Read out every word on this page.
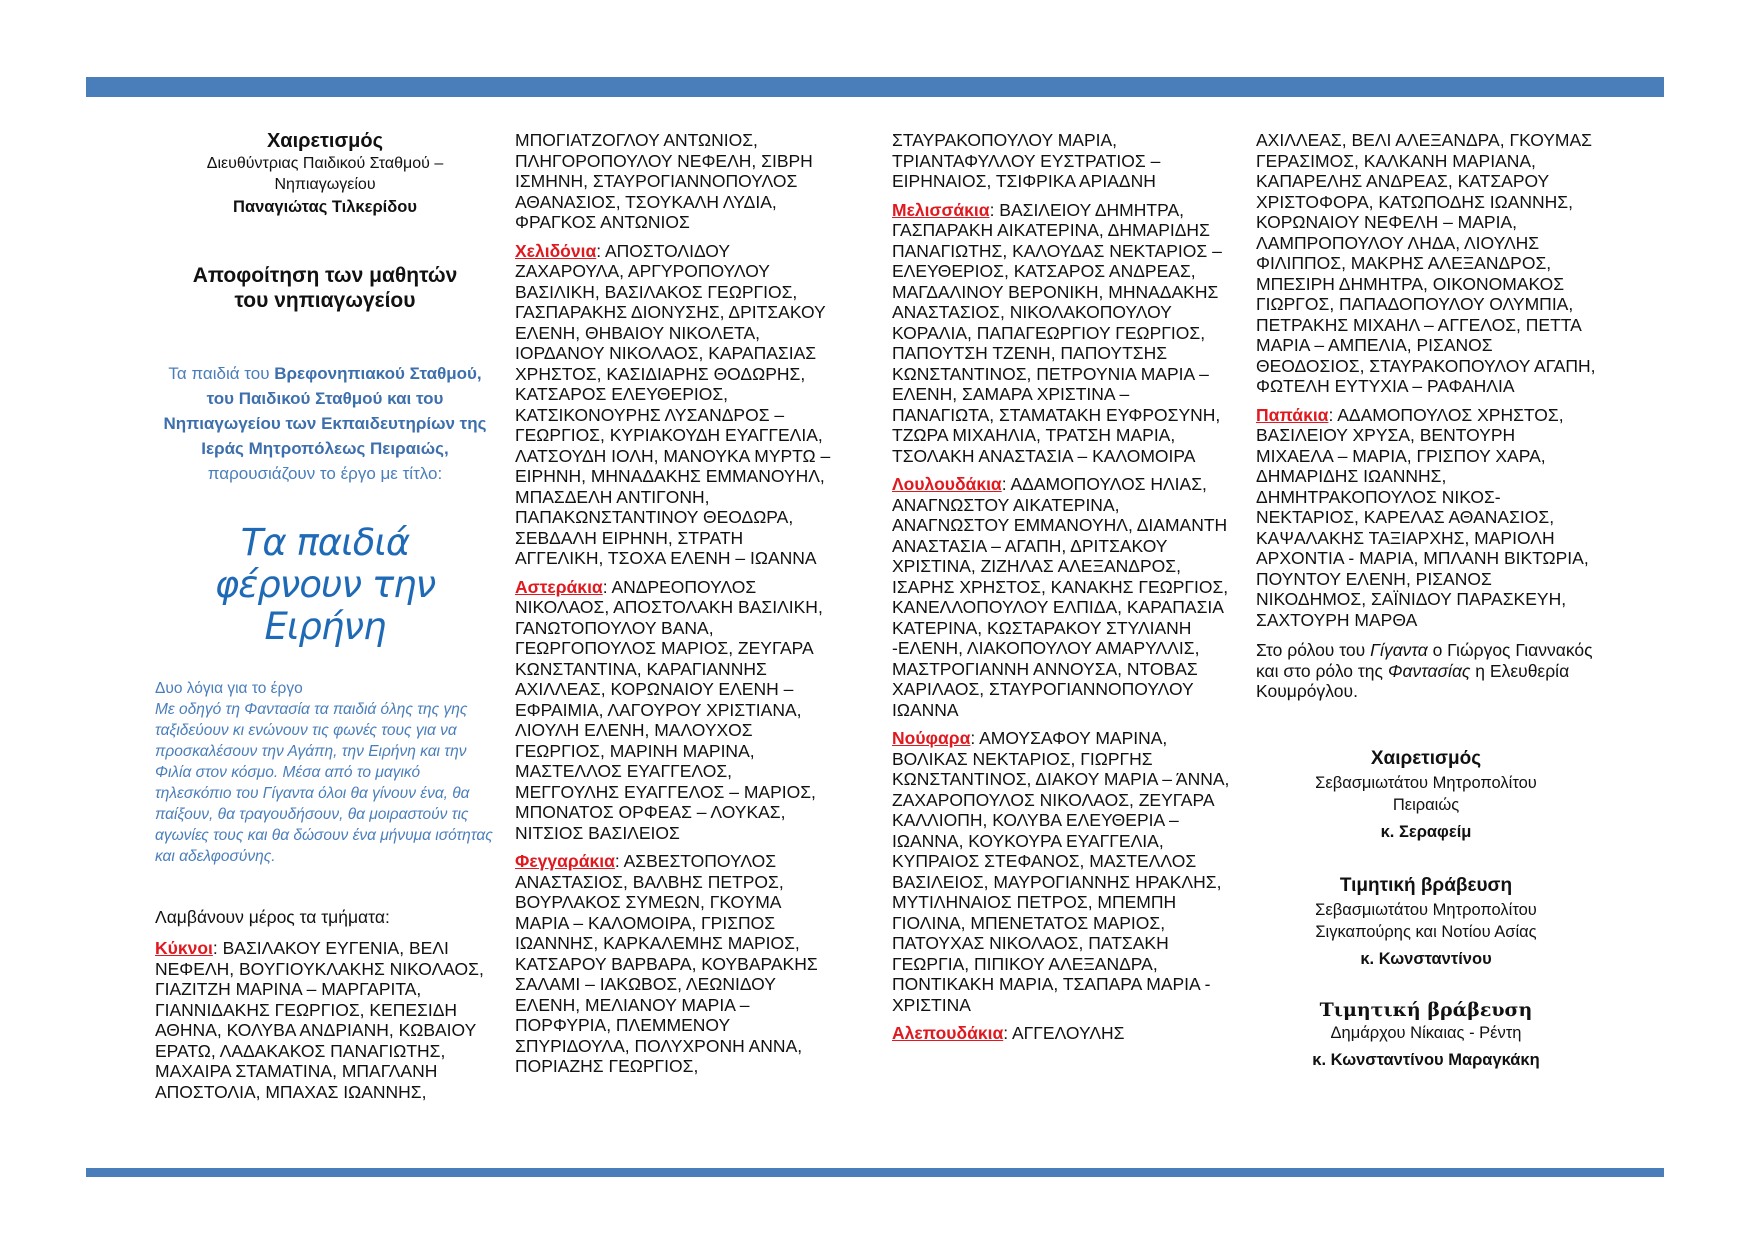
Χαιρετισμός
Διευθύντριας Παιδικού Σταθμού –
Νηπιαγωγείου
Παναγιώτας Τιλκερίδου
Αποφοίτηση των μαθητών
του νηπιαγωγείου
Τα παιδιά του Βρεφονηπιακού Σταθμού, του Παιδικού Σταθμού και του Νηπιαγωγείου των Εκπαιδευτηρίων της Ιεράς Μητροπόλεως Πειραιώς,
παρουσιάζουν το έργο με τίτλο:
Τα παιδιά
φέρνουν την Ειρήνη
Δυο λόγια για το έργο
Με οδηγό τη Φαντασία τα παιδιά όλης της γης ταξιδεύουν κι ενώνουν τις φωνές τους για να προσκαλέσουν την Αγάπη, την Ειρήνη και την Φιλία στον κόσμο. Μέσα από το μαγικό τηλεσκόπιο του Γίγαντα όλοι θα γίνουν ένα, θα παίξουν, θα τραγουδήσουν, θα μοιραστούν τις αγωνίες τους και θα δώσουν ένα μήνυμα ισότητας και αδελφοσύνης.
Λαμβάνουν μέρος τα τμήματα:
Κύκνοι: ΒΑΣΙΛΑΚΟΥ ΕΥΓΕΝΙΑ, ΒΕΛΙ ΝΕΦΕΛΗ, ΒΟΥΓΙΟΥΚΛΑΚΗΣ ΝΙΚΟΛΑΟΣ, ΓΙΑΖΙΤΖΗ ΜΑΡΙΝΑ – ΜΑΡΓΑΡΙΤΑ, ΓΙΑΝΝΙΔΑΚΗΣ ΓΕΩΡΓΙΟΣ, ΚΕΠΕΣΙΔΗ ΑΘΗΝΑ, ΚΟΛΥΒΑ ΑΝΔΡΙΑΝΗ, ΚΩΒΑΙΟΥ ΕΡΑΤΩ, ΛΑΔΑΚΑΚΟΣ ΠΑΝΑΓΙΩΤΗΣ, ΜΑΧΑΙΡΑ ΣΤΑΜΑΤΙΝΑ, ΜΠΑΓΛΑΝΗ ΑΠΟΣΤΟΛΙΑ, ΜΠΑΧΑΣ ΙΩΑΝΝΗΣ,
ΜΠΟΓΙΑΤΖΟΓΛΟΥ ΑΝΤΩΝΙΟΣ, ΠΛΗΓΟΡΟΠΟΥΛΟΥ ΝΕΦΕΛΗ, ΣΙΒΡΗ ΙΣΜΗΝΗ, ΣΤΑΥΡΟΓΙΑΝΝΟΠΟΥΛΟΣ ΑΘΑΝΑΣΙΟΣ, ΤΣΟΥΚΑΛΗ ΛΥΔΙΑ, ΦΡΑΓΚΟΣ ΑΝΤΩΝΙΟΣ
Χελιδόνια: ΑΠΟΣΤΟΛΙΔΟΥ ΖΑΧΑΡΟΥΛΑ, ΑΡΓΥΡΟΠΟΥΛΟΥ ΒΑΣΙΛΙΚΗ, ΒΑΣΙΛΑΚΟΣ ΓΕΩΡΓΙΟΣ, ΓΑΣΠΑΡΑΚΗΣ ΔΙΟΝΥΣΗΣ, ΔΡΙΤΣΑΚΟΥ ΕΛΕΝΗ, ΘΗΒΑΙΟΥ ΝΙΚΟΛΕΤΑ, ΙΟΡΔΑΝΟΥ ΝΙΚΟΛΑΟΣ, ΚΑΡΑΠΑΣΙΑΣ ΧΡΗΣΤΟΣ, ΚΑΣΙΔΙΑΡΗΣ ΘΟΔΩΡΗΣ, ΚΑΤΣΑΡΟΣ ΕΛΕΥΘΕΡΙΟΣ, ΚΑΤΣΙΚΟΝΟΥΡΗΣ ΛΥΣΑΝΔΡΟΣ – ΓΕΩΡΓΙΟΣ, ΚΥΡΙΑΚΟΥΔΗ ΕΥΑΓΓΕΛΙΑ, ΛΑΤΣΟΥΔΗ ΙΟΛΗ, ΜΑΝΟΥΚΑ ΜΥΡΤΩ – ΕΙΡΗΝΗ, ΜΗΝΑΔΑΚΗΣ ΕΜΜΑΝΟΥΗΛ, ΜΠΑΣΔΕΛΗ ΑΝΤΙΓΟΝΗ, ΠΑΠΑΚΩΝΣΤΑΝΤΙΝΟΥ ΘΕΟΔΩΡΑ, ΣΕΒΔΑΛΗ ΕΙΡΗΝΗ, ΣΤΡΑΤΗ ΑΓΓΕΛΙΚΗ, ΤΣΟΧΑ ΕΛΕΝΗ – ΙΩΑΝΝΑ
Αστεράκια: ΑΝΔΡΕΟΠΟΥΛΟΣ ΝΙΚΟΛΑΟΣ, ΑΠΟΣΤΟΛΑΚΗ ΒΑΣΙΛΙΚΗ, ΓΑΝΩΤΟΠΟΥΛΟΥ ΒΑΝΑ, ΓΕΩΡΓΟΠΟΥΛΟΣ ΜΑΡΙΟΣ, ΖΕΥΓΑΡΑ ΚΩΝΣΤΑΝΤΙΝΑ, ΚΑΡΑΓΙΑΝΝΗΣ ΑΧΙΛΛΕΑΣ, ΚΟΡΩΝΑΙΟΥ ΕΛΕΝΗ – ΕΦΡΑΙΜΙΑ, ΛΑΓΟΥΡΟΥ ΧΡΙΣΤΙΑΝΑ, ΛΙΟΥΛΗ ΕΛΕΝΗ, ΜΑΛΟΥΧΟΣ ΓΕΩΡΓΙΟΣ, ΜΑΡΙΝΗ ΜΑΡΙΝΑ, ΜΑΣΤΕΛΛΟΣ ΕΥΑΓΓΕΛΟΣ, ΜΕΓΓΟΥΛΗΣ ΕΥΑΓΓΕΛΟΣ – ΜΑΡΙΟΣ, ΜΠΟΝΑΤΟΣ ΟΡΦΕΑΣ – ΛΟΥΚΑΣ, ΝΙΤΣΙΟΣ ΒΑΣΙΛΕΙΟΣ
Φεγγαράκια: ΑΣΒΕΣΤΟΠΟΥΛΟΣ ΑΝΑΣΤΑΣΙΟΣ, ΒΑΛΒΗΣ ΠΕΤΡΟΣ, ΒΟΥΡΛΑΚΟΣ ΣΥΜΕΩΝ, ΓΚΟΥΜΑ ΜΑΡΙΑ – ΚΑΛΟΜΟΙΡΑ, ΓΡΙΣΠΟΣ ΙΩΑΝΝΗΣ, ΚΑΡΚΑΛΕΜΗΣ ΜΑΡΙΟΣ, ΚΑΤΣΑΡΟΥ ΒΑΡΒΑΡΑ, ΚΟΥΒΑΡΑΚΗΣ ΣΑΛΑΜΙ – ΙΑΚΩΒΟΣ, ΛΕΩΝΙΔΟΥ ΕΛΕΝΗ, ΜΕΛΙΑΝΟΥ ΜΑΡΙΑ – ΠΟΡΦΥΡΙΑ, ΠΛΕΜΜΕΝΟΥ ΣΠΥΡΙΔΟΥΛΑ, ΠΟΛΥΧΡΟΝΗ ΑΝΝΑ, ΠΟΡΙΑΖΗΣ ΓΕΩΡΓΙΟΣ,
ΣΤΑΥΡΑΚΟΠΟΥΛΟΥ ΜΑΡΙΑ, ΤΡΙΑΝΤΑΦΥΛΛΟΥ ΕΥΣΤΡΑΤΙΟΣ – ΕΙΡΗΝΑΙΟΣ, ΤΣΙΦΡΙΚΑ ΑΡΙΑΔΝΗ
Μελισσάκια: ΒΑΣΙΛΕΙΟΥ ΔΗΜΗΤΡΑ, ΓΑΣΠΑΡΑΚΗ ΑΙΚΑΤΕΡΙΝΑ, ΔΗΜΑΡΙΔΗΣ ΠΑΝΑΓΙΩΤΗΣ, ΚΑΛΟΥΔΑΣ ΝΕΚΤΑΡΙΟΣ – ΕΛΕΥΘΕΡΙΟΣ, ΚΑΤΣΑΡΟΣ ΑΝΔΡΕΑΣ, ΜΑΓΔΑΛΙΝΟΥ ΒΕΡΟΝΙΚΗ, ΜΗΝΑΔΑΚΗΣ ΑΝΑΣΤΑΣΙΟΣ, ΝΙΚΟΛΑΚΟΠΟΥΛΟΥ ΚΟΡΑΛΙΑ, ΠΑΠΑΓΕΩΡΓΙΟΥ ΓΕΩΡΓΙΟΣ, ΠΑΠΟΥΤΣΗ ΤΖΕΝΗ, ΠΑΠΟΥΤΣΗΣ ΚΩΝΣΤΑΝΤΙΝΟΣ, ΠΕΤΡΟΥΝΙΑ ΜΑΡΙΑ – ΕΛΕΝΗ, ΣΑΜΑΡΑ ΧΡΙΣΤΙΝΑ – ΠΑΝΑΓΙΩΤΑ, ΣΤΑΜΑΤΑΚΗ ΕΥΦΡΟΣΥΝΗ, ΤΖΩΡΑ ΜΙΧΑΗΛΙΑ, ΤΡΑΤΣΗ ΜΑΡΙΑ, ΤΣΟΛΑΚΗ ΑΝΑΣΤΑΣΙΑ – ΚΑΛΟΜΟΙΡΑ
Λουλουδάκια: ΑΔΑΜΟΠΟΥΛΟΣ ΗΛΙΑΣ, ΑΝΑΓΝΩΣΤΟΥ ΑΙΚΑΤΕΡΙΝΑ, ΑΝΑΓΝΩΣΤΟΥ ΕΜΜΑΝΟΥΗΛ, ΔΙΑΜΑΝΤΗ ΑΝΑΣΤΑΣΙΑ – ΑΓΑΠΗ, ΔΡΙΤΣΑΚΟΥ ΧΡΙΣΤΙΝΑ, ΖΙΖΗΛΑΣ ΑΛΕΞΑΝΔΡΟΣ, ΙΣΑΡΗΣ ΧΡΗΣΤΟΣ, ΚΑΝΑΚΗΣ ΓΕΩΡΓΙΟΣ, ΚΑΝΕΛΛΟΠΟΥΛΟΥ ΕΛΠΙΔΑ, ΚΑΡΑΠΑΣΙΑ ΚΑΤΕΡΙΝΑ, ΚΩΣΤΑΡΑΚΟΥ ΣΤΥΛΙΑΝΗ -ΕΛΕΝΗ, ΛΙΑΚΟΠΟΥΛΟΥ ΑΜΑΡΥΛΛΙΣ, ΜΑΣΤΡΟΓΙΑΝΝΗ ΑΝΝΟΥΣΑ, ΝΤΟΒΑΣ ΧΑΡΙΛΑΟΣ, ΣΤΑΥΡΟΓΙΑΝΝΟΠΟΥΛΟΥ ΙΩΑΝΝΑ
Νούφαρα: ΑΜΟΥΣΑΦΟΥ ΜΑΡΙΝΑ, ΒΟΛΙΚΑΣ ΝΕΚΤΑΡΙΟΣ, ΓΙΩΡΓΗΣ ΚΩΝΣΤΑΝΤΙΝΟΣ, ΔΙΑΚΟΥ ΜΑΡΙΑ – ΆΝΝΑ, ΖΑΧΑΡΟΠΟΥΛΟΣ ΝΙΚΟΛΑΟΣ, ΖΕΥΓΑΡΑ ΚΑΛΛΙΟΠΗ, ΚΟΛΥΒΑ ΕΛΕΥΘΕΡΙΑ – ΙΩΑΝΝΑ, ΚΟΥΚΟΥΡΑ ΕΥΑΓΓΕΛΙΑ, ΚΥΠΡΑΙΟΣ ΣΤΕΦΑΝΟΣ, ΜΑΣΤΕΛΛΟΣ ΒΑΣΙΛΕΙΟΣ, ΜΑΥΡΟΓΙΑΝΝΗΣ ΗΡΑΚΛΗΣ, ΜΥΤΙΛΗΝΑΙΟΣ ΠΕΤΡΟΣ, ΜΠΕΜΠΗ ΓΙΟΛΙΝΑ, ΜΠΕΝΕΤΑΤΟΣ ΜΑΡΙΟΣ, ΠΑΤΟΥΧΑΣ ΝΙΚΟΛΑΟΣ, ΠΑΤΣΑΚΗ ΓΕΩΡΓΙΑ, ΠΙΠΙΚΟΥ ΑΛΕΞΑΝΔΡΑ, ΠΟΝΤΙΚΑΚΗ ΜΑΡΙΑ, ΤΣΑΠΑΡΑ ΜΑΡΙΑ - ΧΡΙΣΤΙΝΑ
Αλεπουδάκια: ΑΓΓΕΛΟΥΛΗΣ
ΑΧΙΛΛΕΑΣ, ΒΕΛΙ ΑΛΕΞΑΝΔΡΑ, ΓΚΟΥΜΑΣ ΓΕΡΑΣΙΜΟΣ, ΚΑΛΚΑΝΗ ΜΑΡΙΑΝΑ, ΚΑΠΑΡΕΛΗΣ ΑΝΔΡΕΑΣ, ΚΑΤΣΑΡΟΥ ΧΡΙΣΤΟΦΟΡΑ, ΚΑΤΩΠΟΔΗΣ ΙΩΑΝΝΗΣ, ΚΟΡΩΝΑΙΟΥ ΝΕΦΕΛΗ – ΜΑΡΙΑ, ΛΑΜΠΡΟΠΟΥΛΟΥ ΛΗΔΑ, ΛΙΟΥΛΗΣ ΦΙΛΙΠΠΟΣ, ΜΑΚΡΗΣ ΑΛΕΞΑΝΔΡΟΣ, ΜΠΕΣΙΡΗ ΔΗΜΗΤΡΑ, ΟΙΚΟΝΟΜΑΚΟΣ ΓΙΩΡΓΟΣ, ΠΑΠΑΔΟΠΟΥΛΟΥ ΟΛΥΜΠΙΑ, ΠΕΤΡΑΚΗΣ ΜΙΧΑΗΛ – ΑΓΓΕΛΟΣ, ΠΕΤΤΑ ΜΑΡΙΑ – ΑΜΠΕΛΙΑ, ΡΙΣΑΝΟΣ ΘΕΟΔΟΣΙΟΣ, ΣΤΑΥΡΑΚΟΠΟΥΛΟΥ ΑΓΑΠΗ, ΦΩΤΕΛΗ ΕΥΤΥΧΙΑ – ΡΑΦΑΗΛΙΑ
Παπάκια: ΑΔΑΜΟΠΟΥΛΟΣ ΧΡΗΣΤΟΣ, ΒΑΣΙΛΕΙΟΥ ΧΡΥΣΑ, ΒΕΝΤΟΥΡΗ ΜΙΧΑΕΛΑ – ΜΑΡΙΑ, ΓΡΙΣΠΟΥ ΧΑΡΑ, ΔΗΜΑΡΙΔΗΣ ΙΩΑΝΝΗΣ, ΔΗΜΗΤΡΑΚΟΠΟΥΛΟΣ ΝΙΚΟΣ-ΝΕΚΤΑΡΙΟΣ, ΚΑΡΕΛΑΣ ΑΘΑΝΑΣΙΟΣ, ΚΑΨΑΛΑΚΗΣ ΤΑΞΙΑΡΧΗΣ, ΜΑΡΙΟΛΗ ΑΡΧΟΝΤΙΑ - ΜΑΡΙΑ, ΜΠΛΑΝΗ ΒΙΚΤΩΡΙΑ, ΠΟΥΝΤΟΥ ΕΛΕΝΗ, ΡΙΣΑΝΟΣ ΝΙΚΟΔΗΜΟΣ, ΣΑΪΝΙΔΟΥ ΠΑΡΑΣΚΕΥΗ, ΣΑΧΤΟΥΡΗ ΜΑΡΘΑ
Στο ρόλου του Γίγαντα ο Γιώργος Γιαννακός και στο ρόλο της Φαντασίας η Ελευθερία Κουμρόγλου.
Χαιρετισμός
Σεβασμιωτάτου Μητροπολίτου
Πειραιώς
κ. Σεραφείμ
Τιμητική βράβευση
Σεβασμιωτάτου Μητροπολίτου
Σιγκαπούρης και Νοτίου Ασίας
κ. Κωνσταντίνου
Τιμητική βράβευση
Δημάρχου Νίκαιας - Ρέντη
κ. Κωνσταντίνου Μαραγκάκη
